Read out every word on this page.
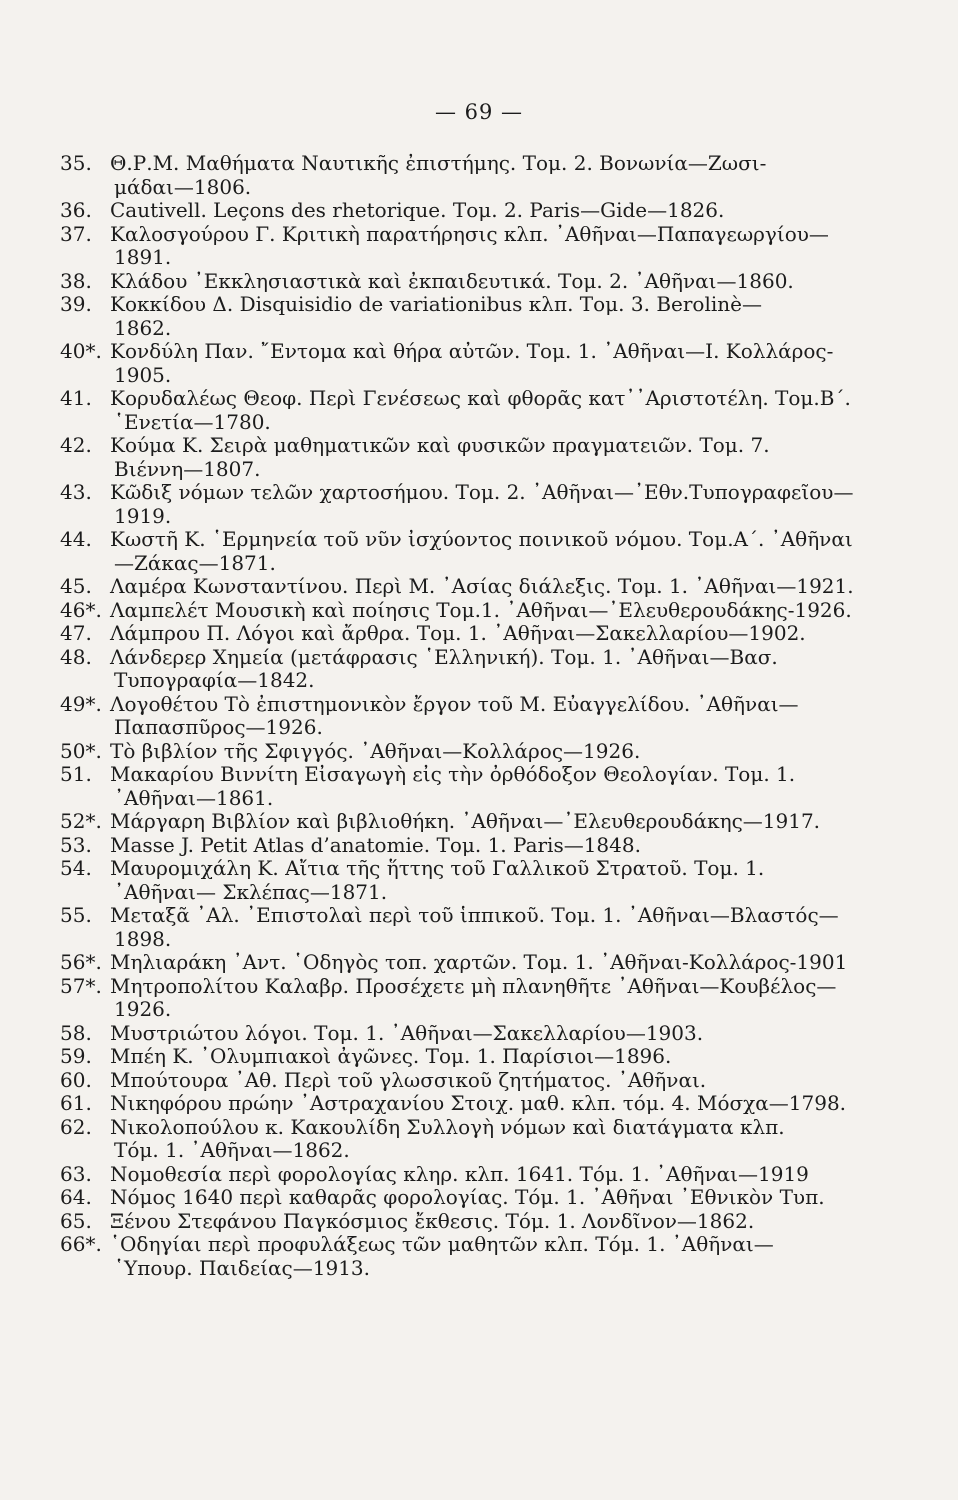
— 69 —
35. Θ.Ρ.Μ. Μαθήματα Ναυτικῆς ἐπιστήμης. Τομ. 2. Βονωνία—Ζωσι-
μάδαι—1806.
36. Cautivell. Leçons des rhetorique. Τομ. 2. Paris—Gide—1826.
37. Καλοσγούρου Γ. Κριτικὴ παρατήρησις κλπ. ᾿Αθῆναι—Παπαγεωργίου—
1891.
38. Κλάδου ᾿Εκκλησιαστικὰ καὶ ἐκπαιδευτικά. Τομ. 2. ᾿Αθῆναι—1860.
39. Κοκκίδου Δ. Disquisidio de variationibus κλπ. Τομ. 3. Berolinè—
1862.
40*. Κονδύλη Παν. ῎Εντομα καὶ θήρα αὐτῶν. Τομ. 1. ᾿Αθῆναι—Ι. Κολλάρος-
1905.
41. Κορυδαλέως Θεοφ. Περὶ Γενέσεως καὶ φθορᾶς κατ᾿᾿Αριστοτέλη. Τομ.Β΄.
῾Ενετία—1780.
42. Κούμα Κ. Σειρὰ μαθηματικῶν καὶ φυσικῶν πραγματειῶν. Τομ. 7.
Βιέννη—1807.
43. Κῶδιξ νόμων τελῶν χαρτοσήμου. Τομ. 2. ᾿Αθῆναι—᾿Εθν.Τυπογραφεῖου—
1919.
44. Κωστῆ Κ. ῾Ερμηνεία τοῦ νῦν ἰσχύοντος ποινικοῦ νόμου. Τομ.Α΄. ᾿Αθῆναι
—Ζάκας—1871.
45. Λαμέρα Κωνσταντίνου. Περὶ Μ. ᾿Ασίας διάλεξις. Τομ. 1. ᾿Αθῆναι—1921.
46*. Λαμπελέτ Μουσικὴ καὶ ποίησις Τομ.1. ᾿Αθῆναι—᾿Ελευθερουδάκης-1926.
47. Λάμπρου Π. Λόγοι καὶ ἄρθρα. Τομ. 1. ᾿Αθῆναι—Σακελλαρίου—1902.
48. Λάνδερερ Χημεία (μετάφρασις ῾Ελληνική). Τομ. 1. ᾿Αθῆναι—Βασ.
Τυπογραφία—1842.
49*. Λογοθέτου Τὸ ἐπιστημονικὸν ἔργον τοῦ Μ. Εὐαγγελίδου. ᾿Αθῆναι—
Παπασπῦρος—1926.
50*. Τὸ βιβλίον τῆς Σφιγγός. ᾿Αθῆναι—Κολλάρος—1926.
51. Μακαρίου Βιννίτη Εἰσαγωγὴ εἰς τὴν ὀρθόδοξον Θεολογίαν. Τομ. 1.
᾿Αθῆναι—1861.
52*. Μάργαρη Βιβλίον καὶ βιβλιοθήκη. ᾿Αθῆναι—᾿Ελευθερουδάκης—1917.
53. Masse J. Petit Atlas d’anatomie. Τομ. 1. Paris—1848.
54. Μαυρομιχάλη Κ. Αἴτια τῆς ἥττης τοῦ Γαλλικοῦ Στρατοῦ. Τομ. 1.
᾿Αθῆναι— Σκλέπας—1871.
55. Μεταξᾶ ᾿Αλ. ᾿Επιστολαὶ περὶ τοῦ ἱππικοῦ. Τομ. 1. ᾿Αθῆναι—Βλαστός—
1898.
56*. Μηλιαράκη ᾿Αντ. ῾Οδηγὸς τοπ. χαρτῶν. Τομ. 1. ᾿Αθῆναι-Κολλάρος-1901
57*. Μητροπολίτου Καλαβρ. Προσέχετε μὴ πλανηθῆτε ᾿Αθῆναι—Κουβέλος—
1926.
58. Μυστριώτου λόγοι. Τομ. 1. ᾿Αθῆναι—Σακελλαρίου—1903.
59. Μπέη Κ. ᾿Ολυμπιακοὶ ἀγῶνες. Τομ. 1. Παρίσιοι—1896.
60. Μπούτουρα ᾿Αθ. Περὶ τοῦ γλωσσικοῦ ζητήματος. ᾿Αθῆναι.
61. Νικηφόρου πρώην ᾿Αστραχανίου Στοιχ. μαθ. κλπ. τόμ. 4. Μόσχα—1798.
62. Νικολοπούλου κ. Κακουλίδη Συλλογὴ νόμων καὶ διατάγματα κλπ.
Τόμ. 1. ᾿Αθῆναι—1862.
63. Νομοθεσία περὶ φορολογίας κληρ. κλπ. 1641. Τόμ. 1. ᾿Αθῆναι—1919
64. Νόμος 1640 περὶ καθαρᾶς φορολογίας. Τόμ. 1. ᾿Αθῆναι ᾿Εθνικὸν Τυπ.
65. Ξένου Στεφάνου Παγκόσμιος ἔκθεσις. Τόμ. 1. Λονδῖνον—1862.
66*. ῾Οδηγίαι περὶ προφυλάξεως τῶν μαθητῶν κλπ. Τόμ. 1. ᾿Αθῆναι—
῾Υπουρ. Παιδείας—1913.
